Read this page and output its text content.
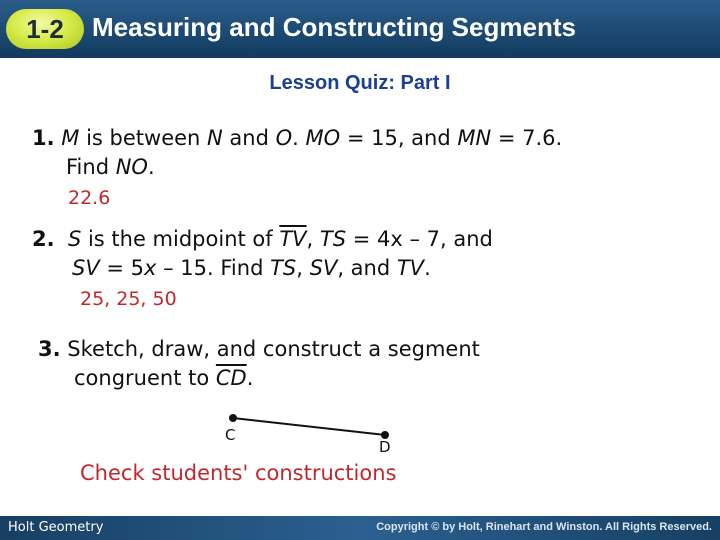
1-2 Measuring and Constructing Segments
Lesson Quiz: Part I
1. M is between N and O. MO = 15, and MN = 7.6.
Find NO.
22.6
2. S is the midpoint of $\overline{TV}$, TS = 4x – 7, and
SV = 5x – 15. Find TS, SV, and TV.
25, 25, 50
3. Sketch, draw, and construct a segment
congruent to $\overline{CD}$.
C
D
Check students' constructions
Holt Geometry	Copyright © by Holt, Rinehart and Winston. All Rights Reserved.
